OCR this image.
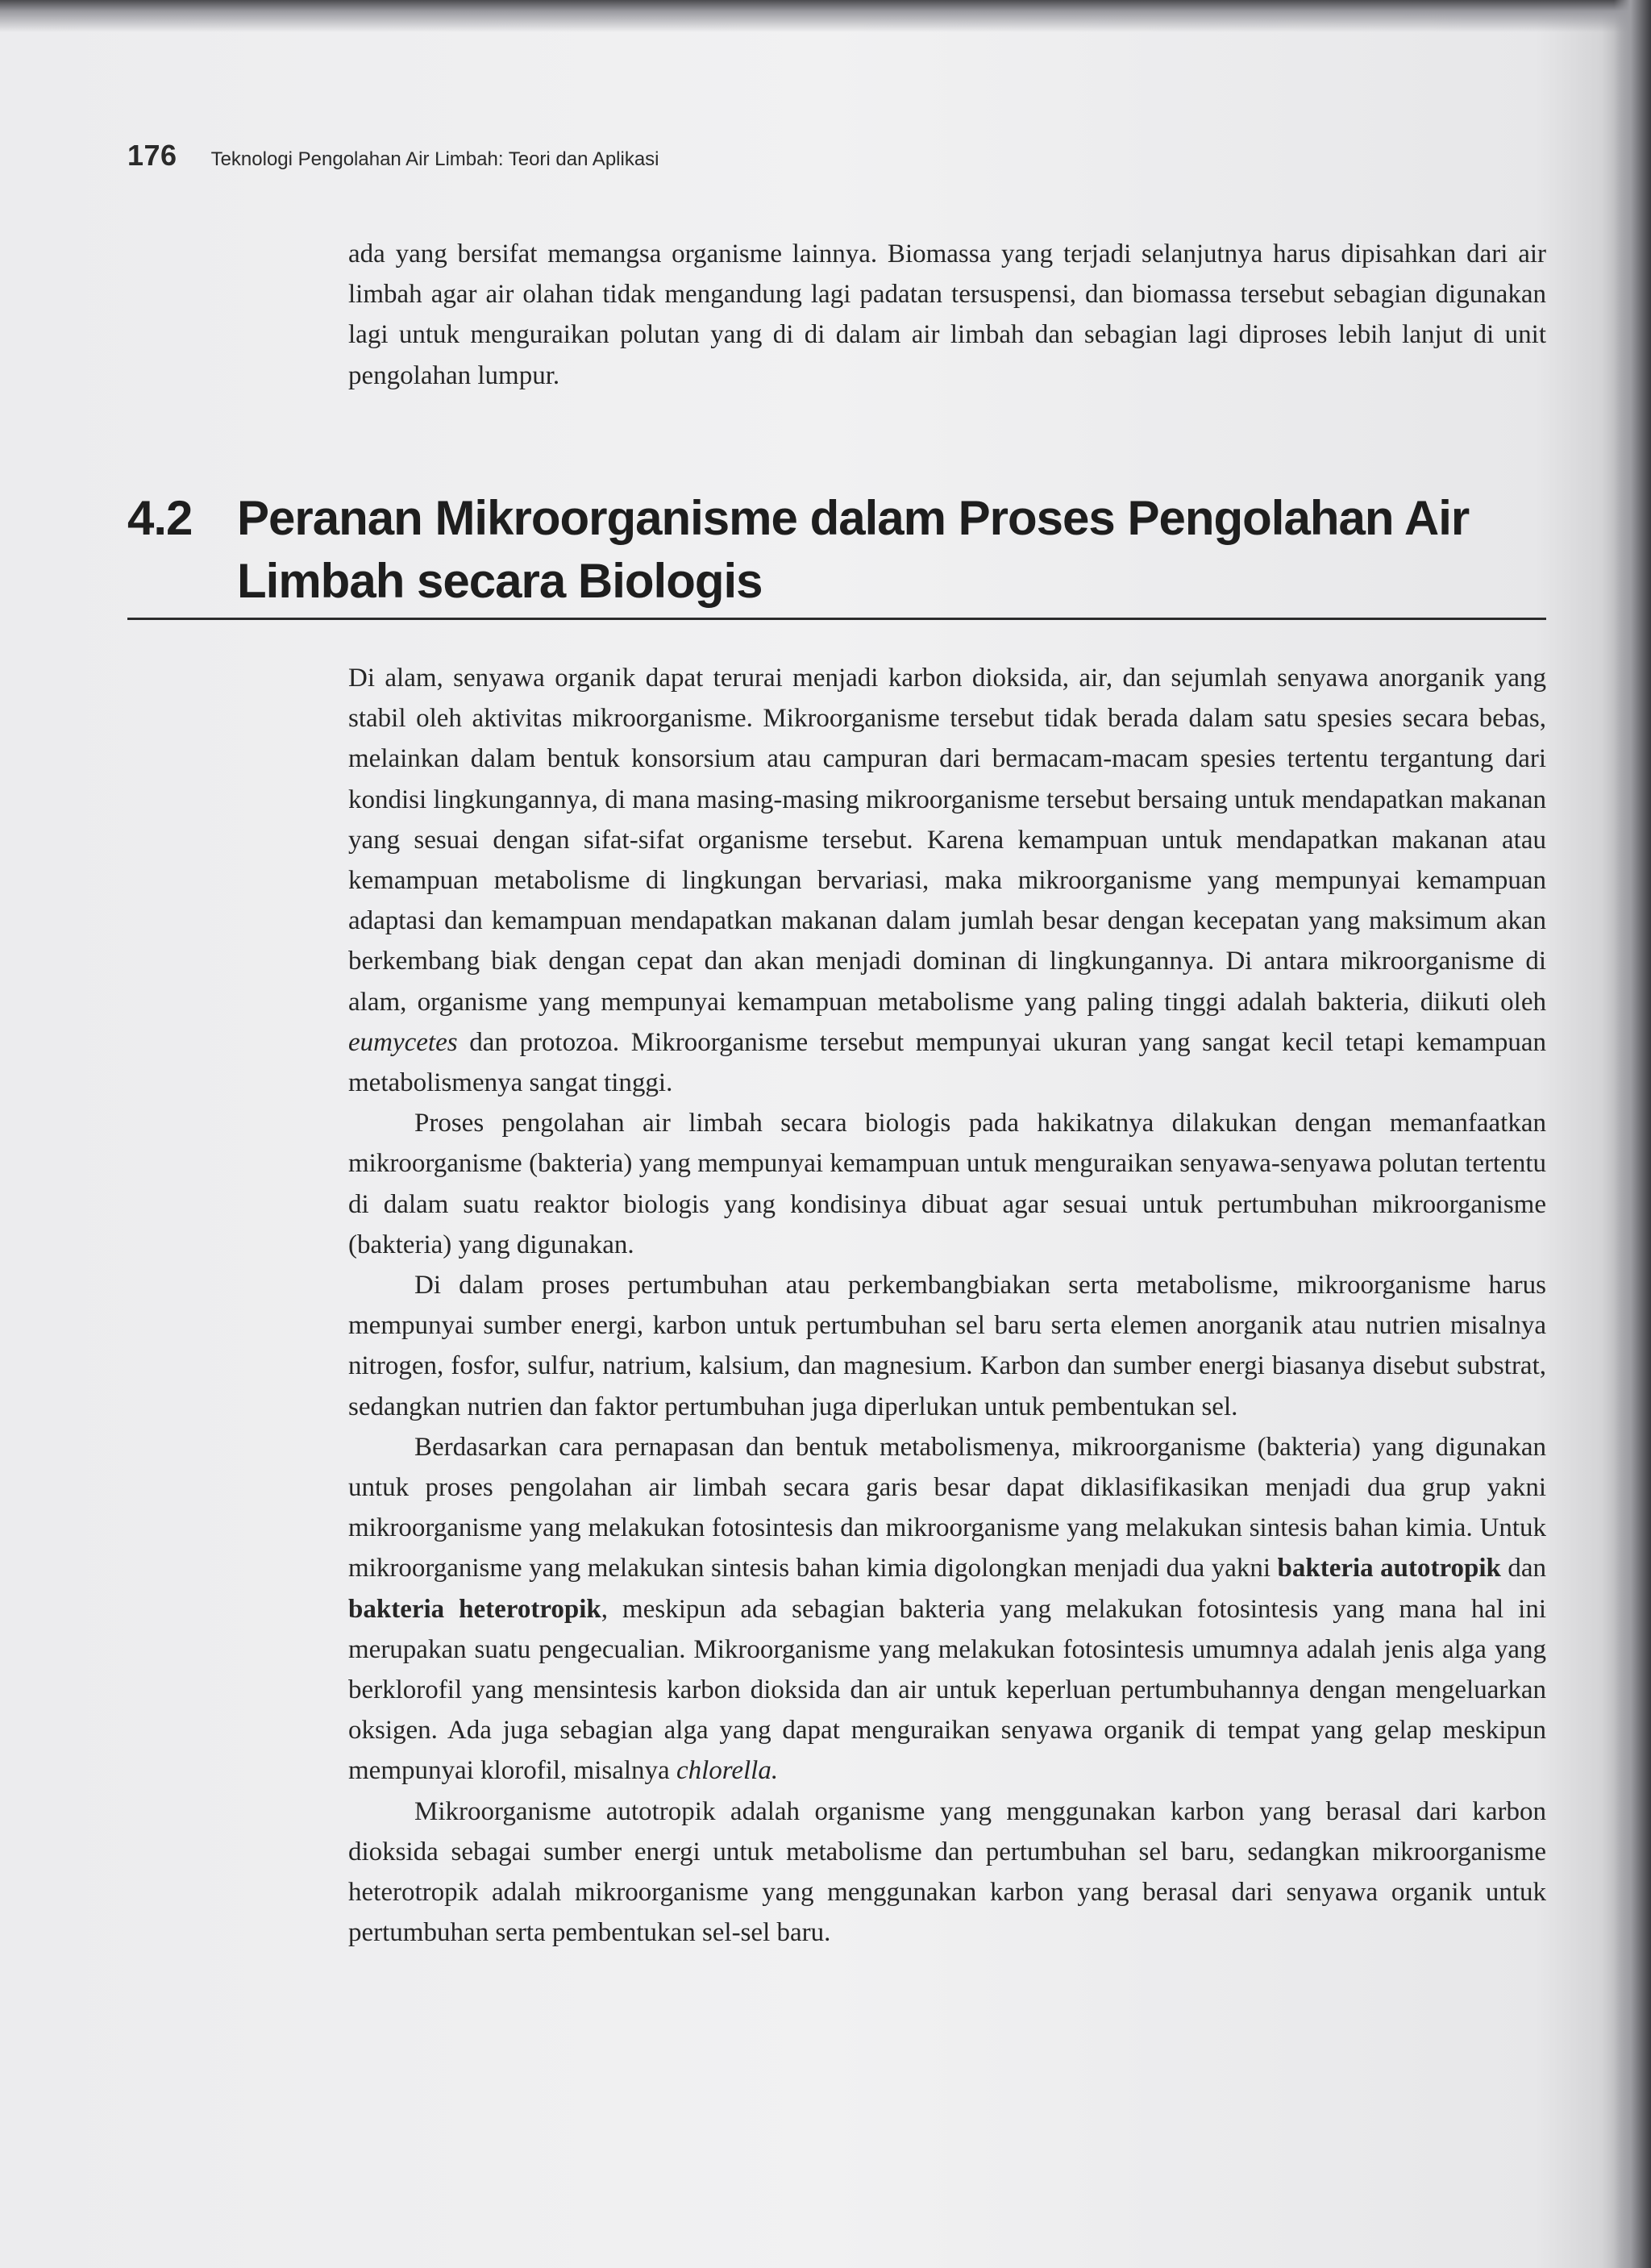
176 Teknologi Pengolahan Air Limbah: Teori dan Aplikasi

ada yang bersifat memangsa organisme lainnya. Biomassa yang terjadi selanjutnya harus dipisahkan dari air limbah agar air olahan tidak mengandung lagi padatan tersuspensi, dan biomassa tersebut sebagian digunakan lagi untuk menguraikan polutan yang di di dalam air limbah dan sebagian lagi diproses lebih lanjut di unit pengolahan lumpur.

4.2 Peranan Mikroorganisme dalam Proses Pengolahan Air Limbah secara Biologis

Di alam, senyawa organik dapat terurai menjadi karbon dioksida, air, dan sejumlah senyawa anorganik yang stabil oleh aktivitas mikroorganisme. Mikroorganisme tersebut tidak berada dalam satu spesies secara bebas, melainkan dalam bentuk konsorsium atau campuran dari bermacam-macam spesies tertentu tergantung dari kondisi lingkungannya, di mana masing-masing mikroorganisme tersebut bersaing untuk mendapatkan makanan yang sesuai dengan sifat-sifat organisme tersebut. Karena kemampuan untuk mendapatkan makanan atau kemampuan metabolisme di lingkungan bervariasi, maka mikroorganisme yang mempunyai kemampuan adaptasi dan kemampuan mendapatkan makanan dalam jumlah besar dengan kecepatan yang maksimum akan berkembang biak dengan cepat dan akan menjadi dominan di lingkungannya. Di antara mikroorganisme di alam, organisme yang mempunyai kemampuan metabolisme yang paling tinggi adalah bakteria, diikuti oleh eumycetes dan protozoa. Mikroorganisme tersebut mempunyai ukuran yang sangat kecil tetapi kemampuan metabolismenya sangat tinggi.

Proses pengolahan air limbah secara biologis pada hakikatnya dilakukan dengan memanfaatkan mikroorganisme (bakteria) yang mempunyai kemampuan untuk menguraikan senyawa-senyawa polutan tertentu di dalam suatu reaktor biologis yang kondisinya dibuat agar sesuai untuk pertumbuhan mikroorganisme (bakteria) yang digunakan.

Di dalam proses pertumbuhan atau perkembangbiakan serta metabolisme, mikroorganisme harus mempunyai sumber energi, karbon untuk pertumbuhan sel baru serta elemen anorganik atau nutrien misalnya nitrogen, fosfor, sulfur, natrium, kalsium, dan magnesium. Karbon dan sumber energi biasanya disebut substrat, sedangkan nutrien dan faktor pertumbuhan juga diperlukan untuk pembentukan sel.

Berdasarkan cara pernapasan dan bentuk metabolismenya, mikroorganisme (bakteria) yang digunakan untuk proses pengolahan air limbah secara garis besar dapat diklasifikasikan menjadi dua grup yakni mikroorganisme yang melakukan fotosintesis dan mikroorganisme yang melakukan sintesis bahan kimia. Untuk mikroorganisme yang melakukan sintesis bahan kimia digolongkan menjadi dua yakni bakteria autotropik dan bakteria heterotropik, meskipun ada sebagian bakteria yang melakukan fotosintesis yang mana hal ini merupakan suatu pengecualian. Mikroorganisme yang melakukan fotosintesis umumnya adalah jenis alga yang berklorofil yang mensintesis karbon dioksida dan air untuk keperluan pertumbuhannya dengan mengeluarkan oksigen. Ada juga sebagian alga yang dapat menguraikan senyawa organik di tempat yang gelap meskipun mempunyai klorofil, misalnya chlorella.

Mikroorganisme autotropik adalah organisme yang menggunakan karbon yang berasal dari karbon dioksida sebagai sumber energi untuk metabolisme dan pertumbuhan sel baru, sedangkan mikroorganisme heterotropik adalah mikroorganisme yang menggunakan karbon yang berasal dari senyawa organik untuk pertumbuhan serta pembentukan sel-sel baru.
